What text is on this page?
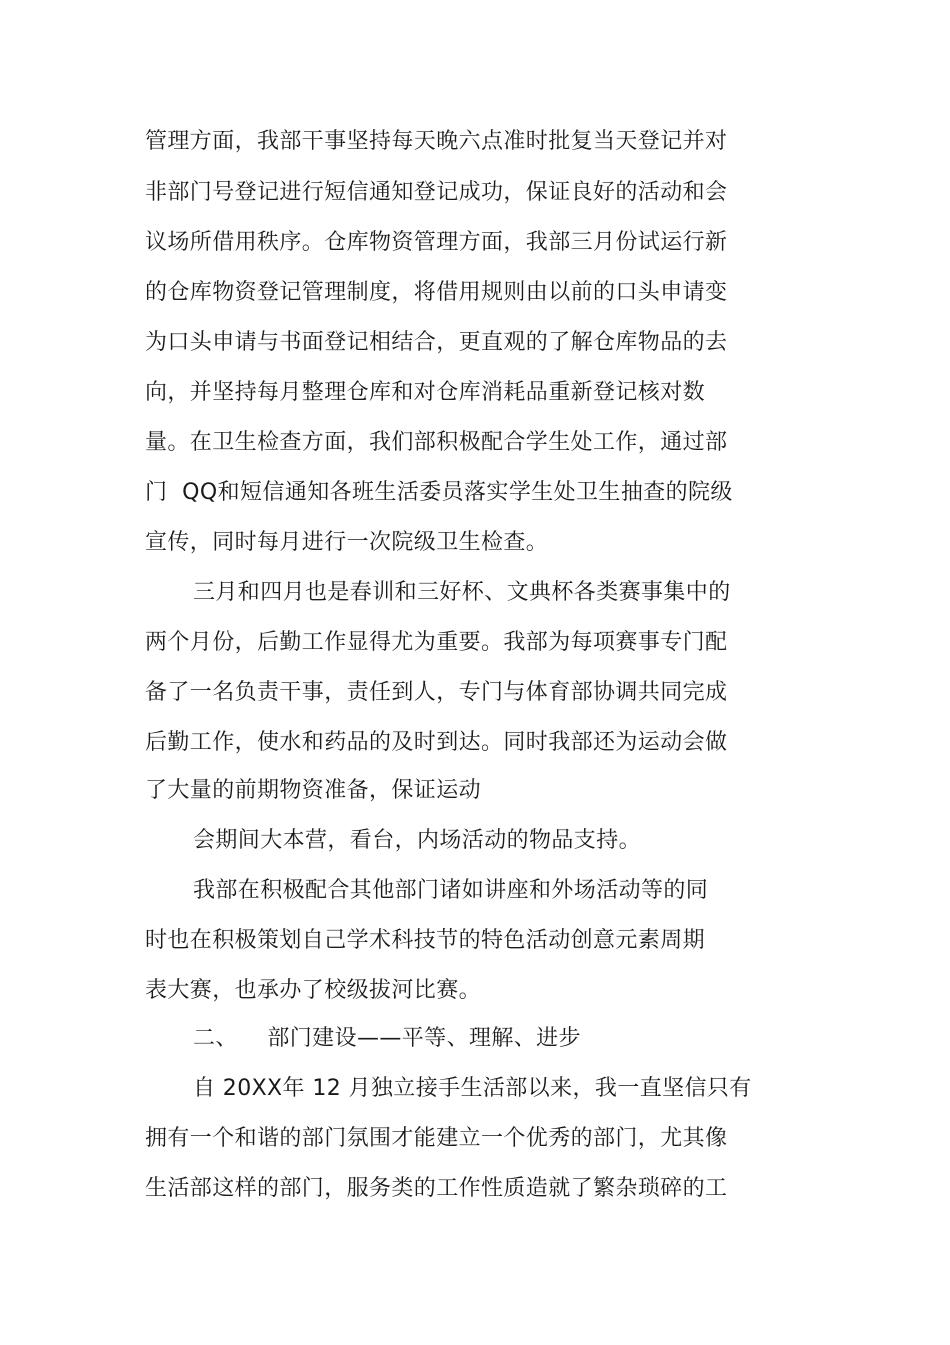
管理方面，我部干事坚持每天晚六点准时批复当天登记并对
非部门号登记进行短信通知登记成功，保证良好的活动和会
议场所借用秩序。仓库物资管理方面，我部三月份试运行新
的仓库物资登记管理制度，将借用规则由以前的口头申请变
为口头申请与书面登记相结合，更直观的了解仓库物品的去
向，并坚持每月整理仓库和对仓库消耗品重新登记核对数
量。在卫生检查方面，我们部积极配合学生处工作，通过部
门  QQ和短信通知各班生活委员落实学生处卫生抽查的院级
宣传，同时每月进行一次院级卫生检查。
三月和四月也是春训和三好杯、文典杯各类赛事集中的
两个月份，后勤工作显得尤为重要。我部为每项赛事专门配
备了一名负责干事，责任到人，专门与体育部协调共同完成
后勤工作，使水和药品的及时到达。同时我部还为运动会做
了大量的前期物资准备，保证运动
会期间大本营，看台，内场活动的物品支持。
我部在积极配合其他部门诸如讲座和外场活动等的同
时也在积极策划自己学术科技节的特色活动创意元素周期
表大赛，也承办了校级拔河比赛。
二、    部门建设——平等、理解、进步
自 20XX年 12 月独立接手生活部以来，我一直坚信只有
拥有一个和谐的部门氛围才能建立一个优秀的部门，尤其像
生活部这样的部门，服务类的工作性质造就了繁杂琐碎的工
